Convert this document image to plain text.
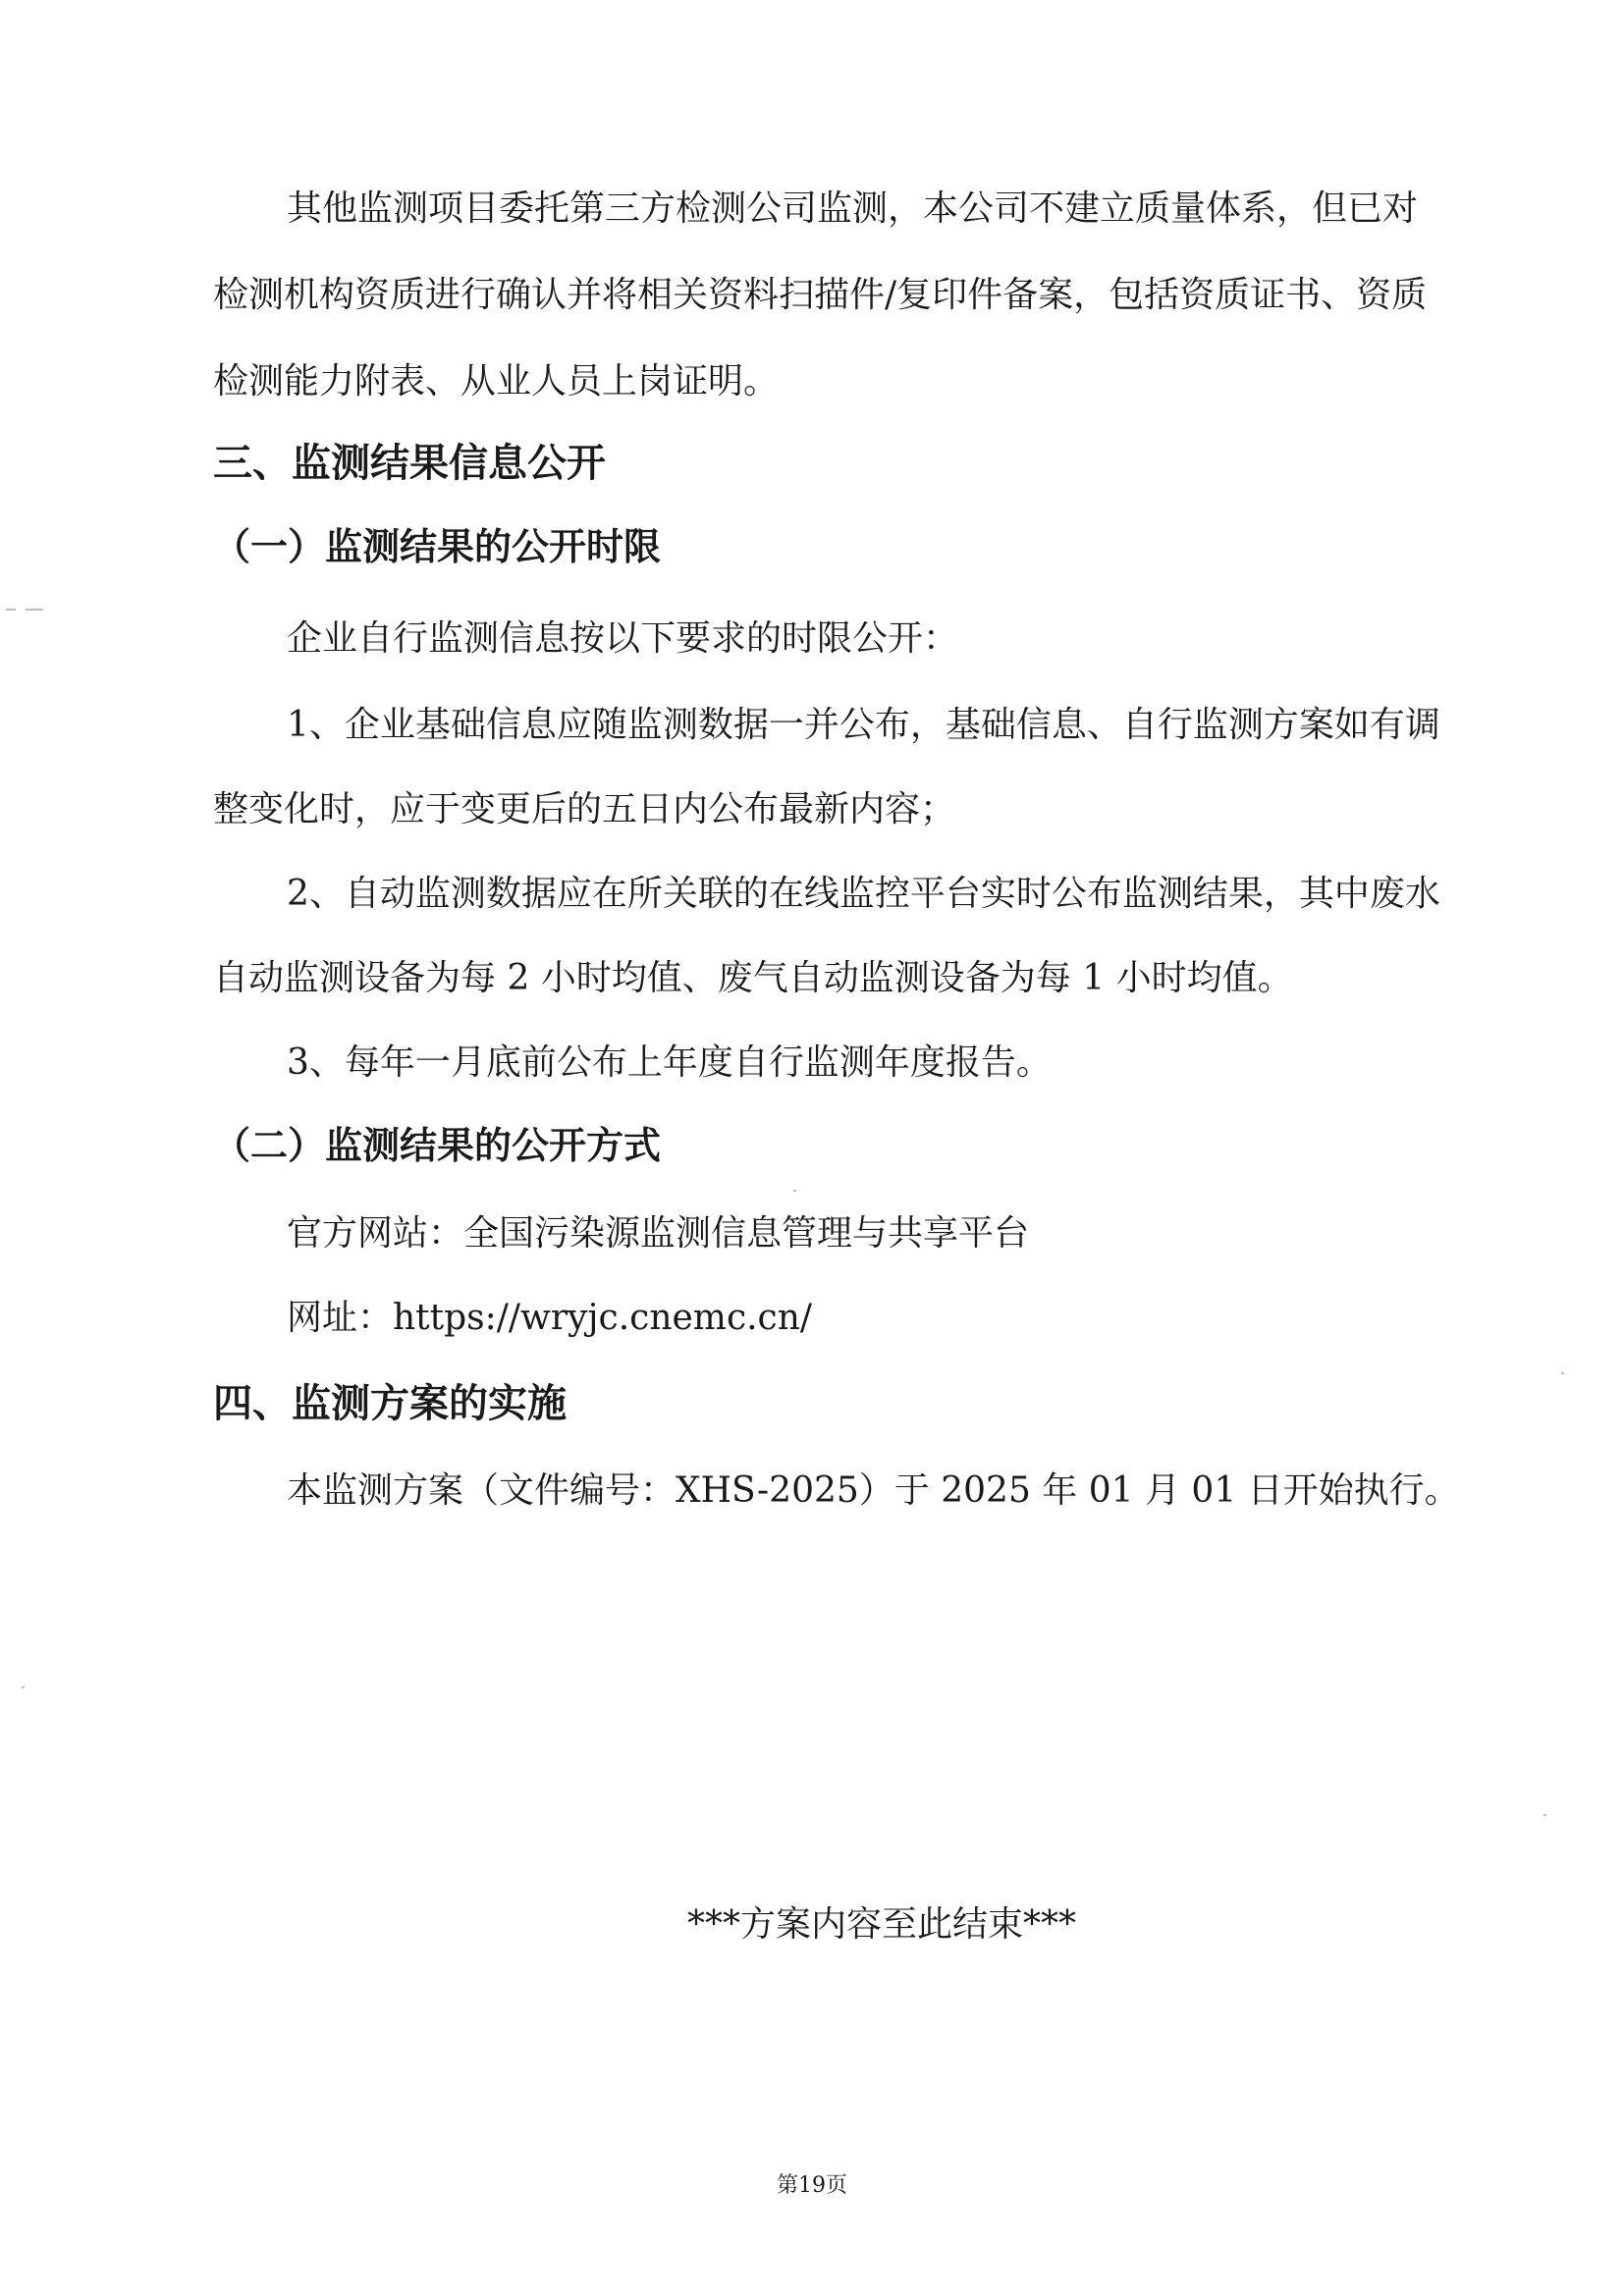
其他监测项目委托第三方检测公司监测，本公司不建立质量体系，但已对
检测机构资质进行确认并将相关资料扫描件/复印件备案，包括资质证书、资质
检测能力附表、从业人员上岗证明。
三、监测结果信息公开
（一）监测结果的公开时限
企业自行监测信息按以下要求的时限公开：
1、企业基础信息应随监测数据一并公布，基础信息、自行监测方案如有调
整变化时，应于变更后的五日内公布最新内容；
2、自动监测数据应在所关联的在线监控平台实时公布监测结果，其中废水
自动监测设备为每 2 小时均值、废气自动监测设备为每 1 小时均值。
3、每年一月底前公布上年度自行监测年度报告。
（二）监测结果的公开方式
官方网站：全国污染源监测信息管理与共享平台
网址：https://wryjc.cnemc.cn/
四、监测方案的实施
本监测方案（文件编号：XHS-2025）于 2025 年 01 月 01 日开始执行。
***方案内容至此结束***
第19页
